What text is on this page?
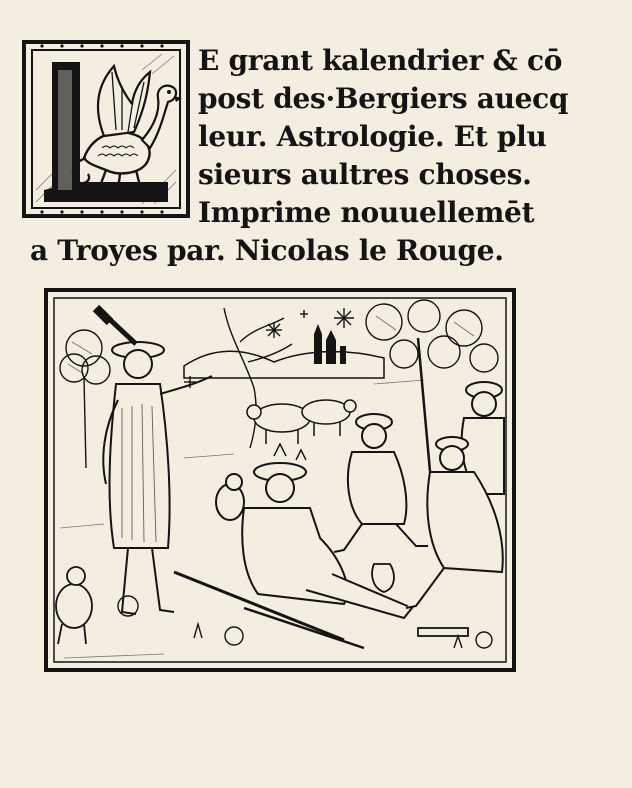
E grant kalendrier & cō
post des·Bergiers auecq
leur. Astrologie. Et plu
sieurs aultres choses.
Imprime nouuellemēt
a Troyes par. Nicolas le Rouge.
